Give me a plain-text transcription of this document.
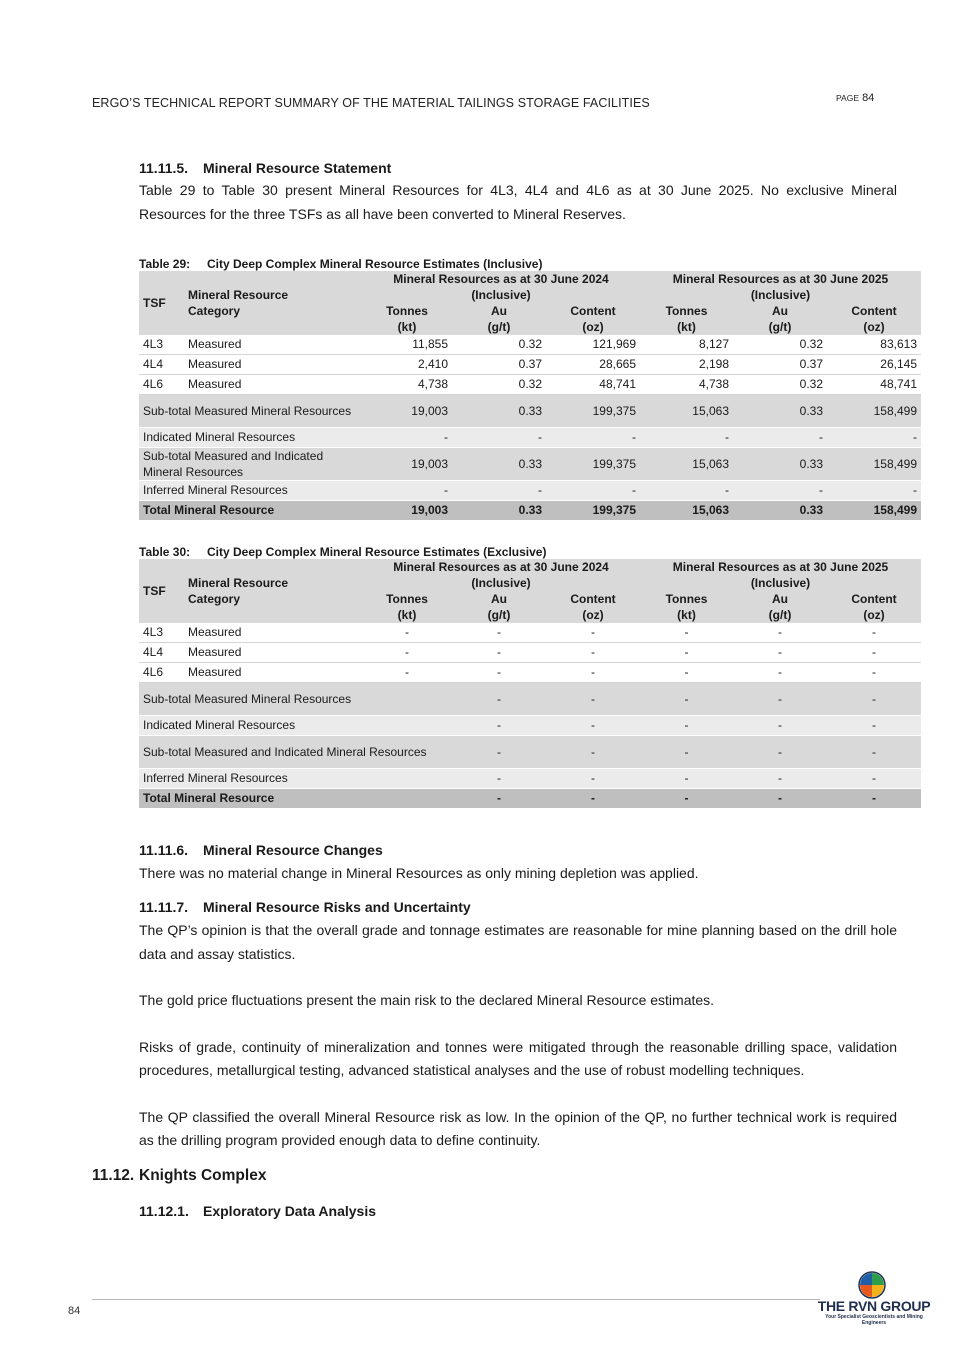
ERGO’S TECHNICAL REPORT SUMMARY OF THE MATERIAL TAILINGS STORAGE FACILITIES	PAGE 84
11.11.5. Mineral Resource Statement

Table 29 to Table 30 present Mineral Resources for 4L3, 4L4 and 4L6 as at 30 June 2025. No exclusive Mineral Resources for the three TSFs as all have been converted to Mineral Reserves.

Table 29: City Deep Complex Mineral Resource Estimates (Inclusive)
TSF	Mineral Resource
Category	Mineral Resources as at 30 June 2024			Mineral Resources as at 30 June 2025		
		(Inclusive)			(Inclusive)		
		Tonnes	Au	Content	Tonnes	Au	Content
		(kt)	(g/t)	(oz)	(kt)	(g/t)	(oz)
4L3	Measured	11,855	0.32	121,969	8,127	0.32	83,613
4L4	Measured	2,410	0.37	28,665	2,198	0.37	26,145
4L6	Measured	4,738	0.32	48,741	4,738	0.32	48,741
Sub-total Measured Mineral Resources		19,003	0.33	199,375	15,063	0.33	158,499
Indicated Mineral Resources		-	-	-	-	-	-
Sub-total Measured and Indicated Mineral Resources		19,003	0.33	199,375	15,063	0.33	158,499
Inferred Mineral Resources		-	-	-	-	-	-
Total Mineral Resource		19,003	0.33	199,375	15,063	0.33	158,499
Table 30: City Deep Complex Mineral Resource Estimates (Exclusive)
TSF	Mineral Resource
Category	Mineral Resources as at 30 June 2024			Mineral Resources as at 30 June 2025		
		(Inclusive)			(Inclusive)		
		Tonnes	Au	Content	Tonnes	Au	Content
		(kt)	(g/t)	(oz)	(kt)	(g/t)	(oz)
4L3	Measured	-	-	-	-	-	-
4L4	Measured	-	-	-	-	-	-
4L6	Measured	-	-	-	-	-	-
Sub-total Measured Mineral Resources			-	-	-	-	-
Indicated Mineral Resources			-	-	-	-	-
Sub-total Measured and Indicated Mineral Resources			-	-	-	-	-
Inferred Mineral Resources			-	-	-	-	-
Total Mineral Resource			-	-	-	-	-
11.11.6. Mineral Resource Changes

There was no material change in Mineral Resources as only mining depletion was applied.

11.11.7. Mineral Resource Risks and Uncertainty

The QP’s opinion is that the overall grade and tonnage estimates are reasonable for mine planning based on the drill hole data and assay statistics.

The gold price fluctuations present the main risk to the declared Mineral Resource estimates.

Risks of grade, continuity of mineralization and tonnes were mitigated through the reasonable drilling space, validation procedures, metallurgical testing, advanced statistical analyses and the use of robust modelling techniques.

The QP classified the overall Mineral Resource risk as low. In the opinion of the QP, no further technical work is required as the drilling program provided enough data to define continuity.

11.12. Knights Complex
11.12.1. Exploratory Data Analysis
84	THE RVN GROUP
Your Specialist Geoscientists and Mining Engineers
